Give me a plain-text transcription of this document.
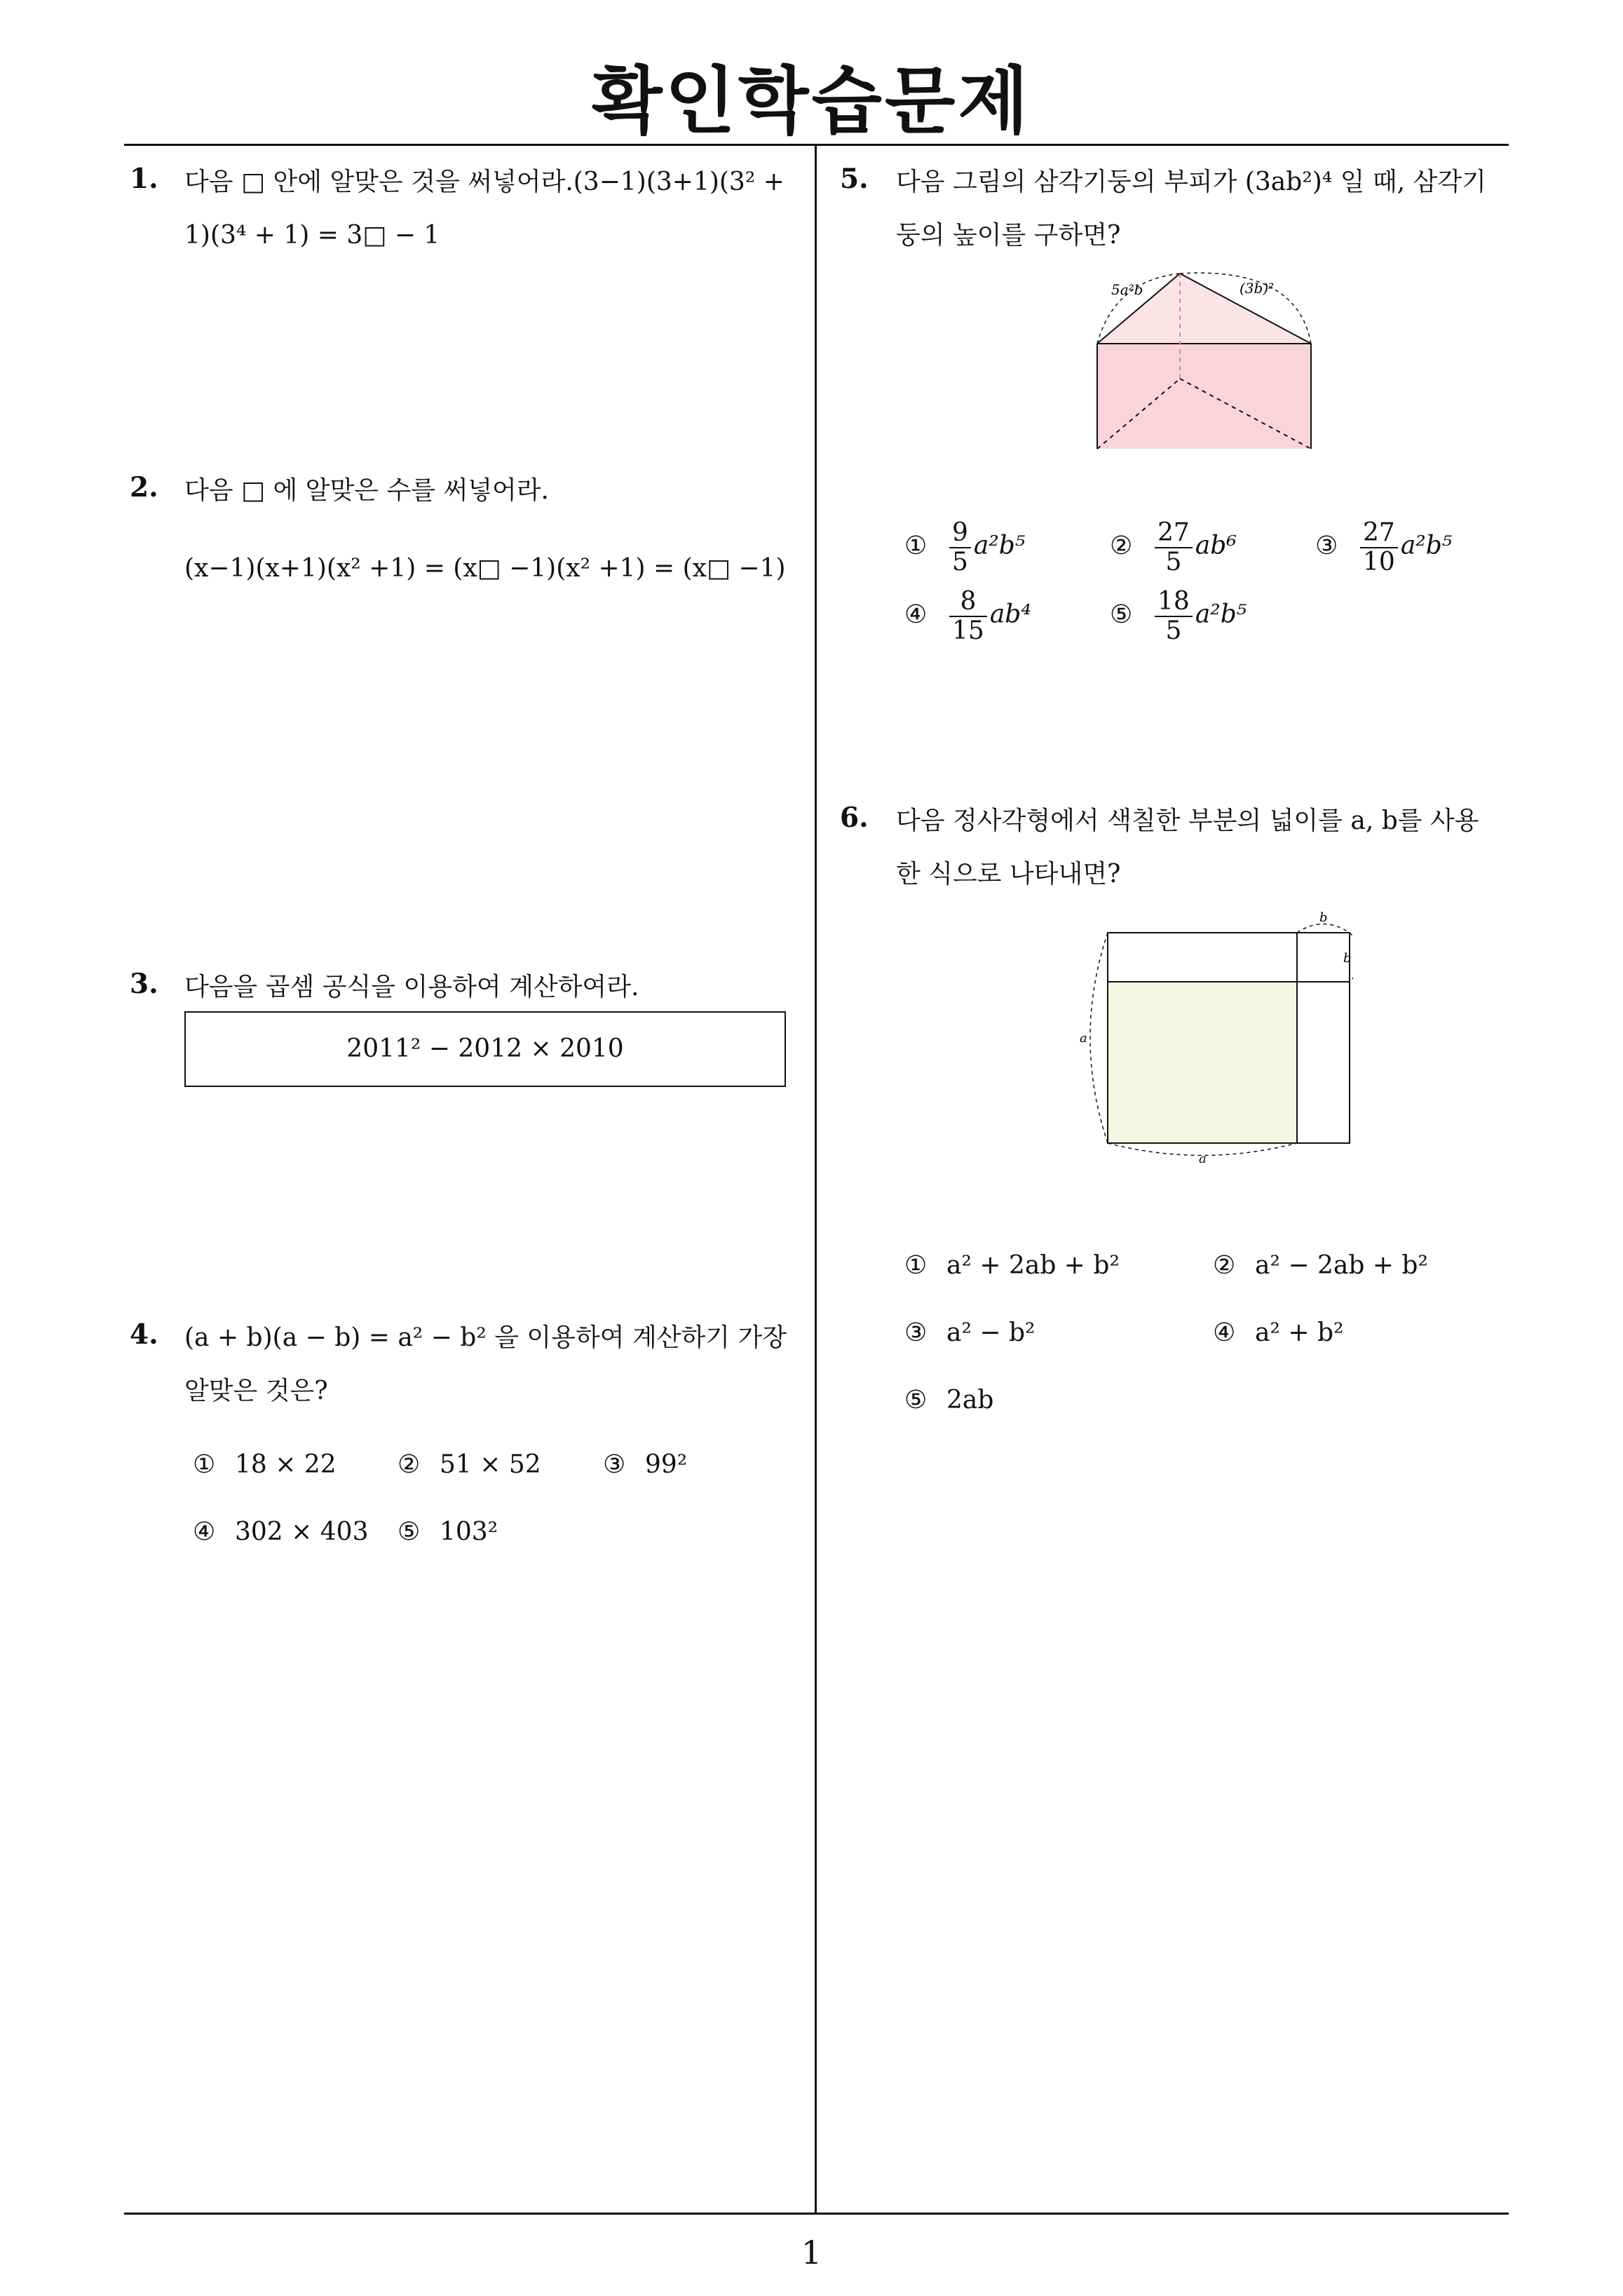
확인학습문제
1. 다음 □ 안에 알맞은 것을 써넣어라.(3−1)(3+1)(3² +
1)(3⁴ + 1) = 3□ − 1
2. 다음 □ 에 알맞은 수를 써넣어라.
(x−1)(x+1)(x² +1) = (x□ −1)(x² +1) = (x□ −1)
3. 다음을 곱셈 공식을 이용하여 계산하여라.
2011² − 2012 × 2010
4. (a + b)(a − b) = a² − b² 을 이용하여 계산하기 가장
알맞은 것은?
① 18 × 22 ② 51 × 52 ③ 99²
④ 302 × 403 ⑤ 103²
5. 다음 그림의 삼각기둥의 부피가 (3ab²)⁴ 일 때, 삼각기
둥의 높이를 구하면?
5a²b	(3b)²
① $\frac{9}{5} a^2b^5$	② $\frac{27}{5} ab^6$	③ $\frac{27}{10} a^2b^5$
④ $\frac{8}{15} ab^4$	⑤ $\frac{18}{5} a^2b^5$
6. 다음 정사각형에서 색칠한 부분의 넓이를 a, b를 사용
한 식으로 나타내면?
a
a
b
b
① a² + 2ab + b²	② a² − 2ab + b²
③ a² − b²	④ a² + b²
⑤ 2ab
1
